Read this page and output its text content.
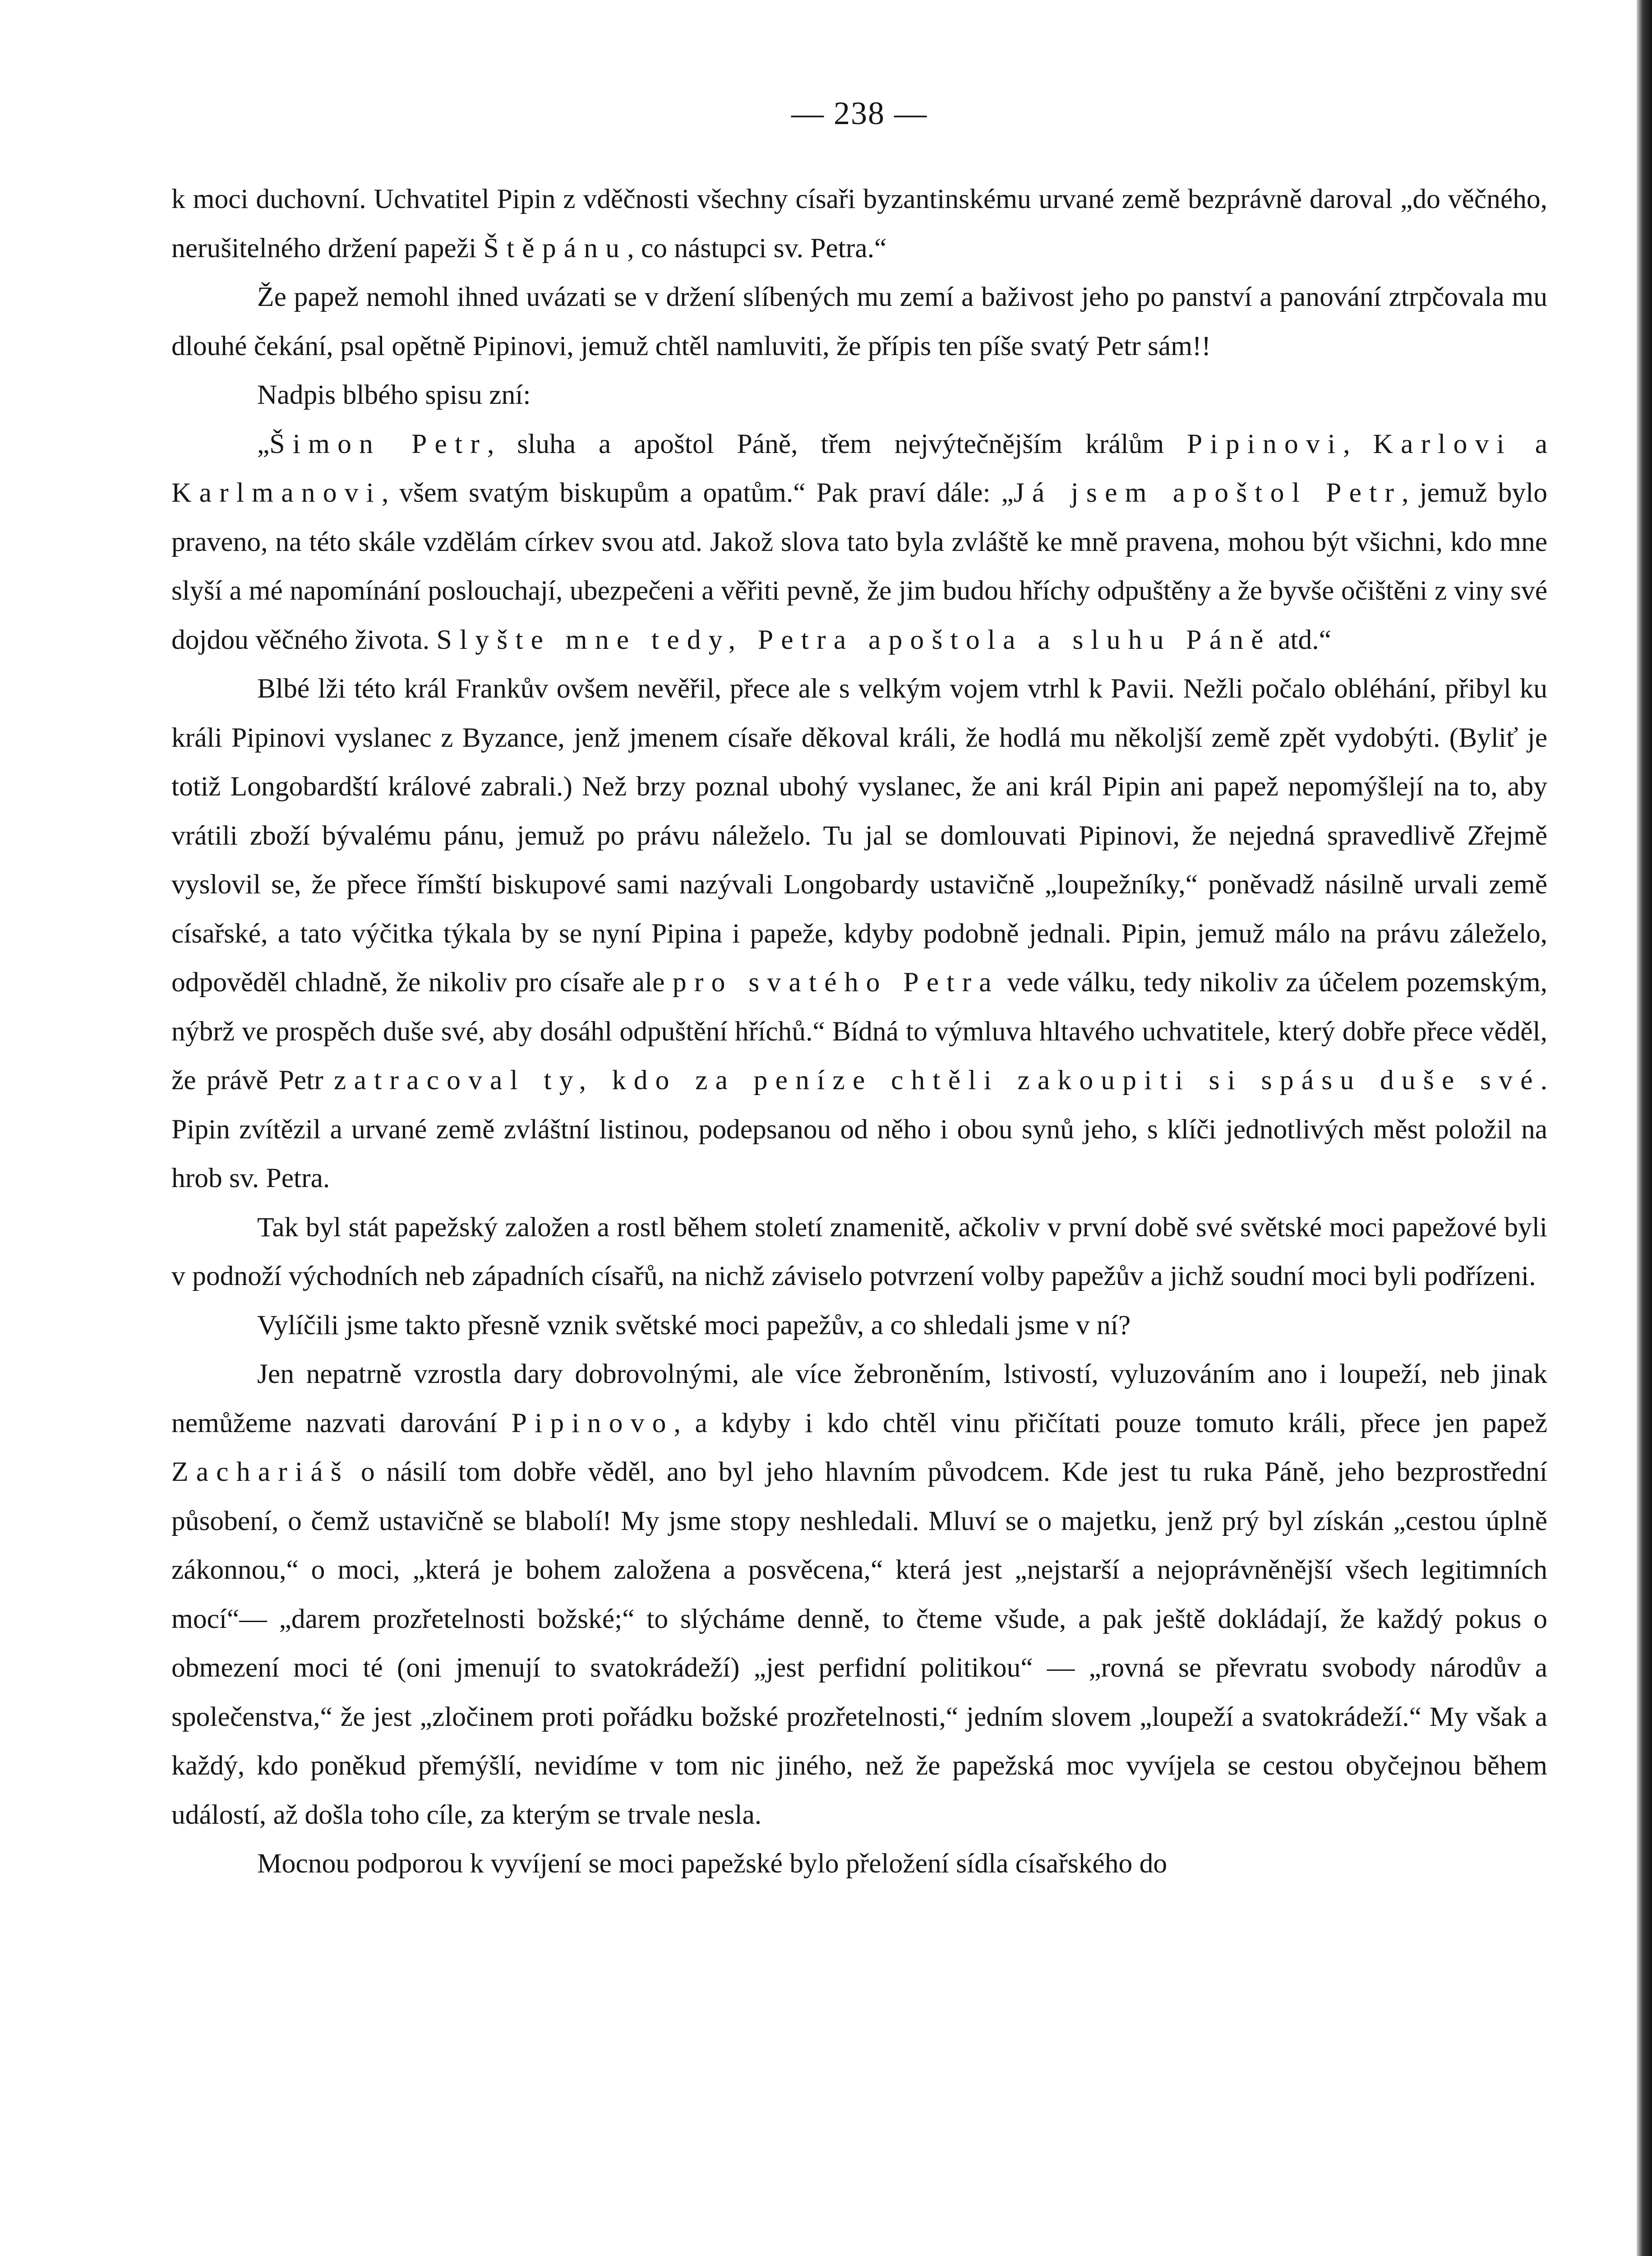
— 238 —

k moci duchovní. Uchvatitel Pipin z vděčnosti všechny císaři byzantinskému urvané země bezprávně daroval „do věčného, nerušitelného držení papeži Štěpánu, co nástupci sv. Petra.“

Že papež nemohl ihned uvázati se v držení slíbených mu zemí a baživost jeho po panství a panování ztrpčovala mu dlouhé čekání, psal opětně Pipinovi, jemuž chtěl namluviti, že přípis ten píše svatý Petr sám!!

Nadpis blbého spisu zní:

„Šimon Petr, sluha a apoštol Páně, třem nejvýtečnějším králům Pipinovi, Karlovi a Karlmanovi, všem svatým biskupům a opatům.“ Pak praví dále: „Já jsem apoštol Petr, jemuž bylo praveno, na této skále vzdělám církev svou atd. Jakož slova tato byla zvláště ke mně pravena, mohou být všichni, kdo mne slyší a mé napomínání poslouchají, ubezpečeni a věřiti pevně, že jim budou hříchy odpuštěny a že byvše očištěni z viny své dojdou věčného života. Slyšte mne tedy, Petra apoštola a sluhu Páně atd.“

Blbé lži této král Frankův ovšem nevěřil, přece ale s velkým vojem vtrhl k Pavii. Nežli počalo obléhání, přibyl ku králi Pipinovi vyslanec z Byzance, jenž jmenem císaře děkoval králi, že hodlá mu několjší země zpět vydobýti. (Byliť je totiž Longobardští králové zabrali.) Než brzy poznal ubohý vyslanec, že ani král Pipin ani papež nepomýšlejí na to, aby vrátili zboží bývalému pánu, jemuž po právu náleželo. Tu jal se domlouvati Pipinovi, že nejedná spravedlivě Zřejmě vyslovil se, že přece římští biskupové sami nazývali Longobardy ustavičně „loupežníky,“ poněvadž násilně urvali země císařské, a tato výčitka týkala by se nyní Pipina i papeže, kdyby podobně jednali. Pipin, jemuž málo na právu záleželo, odpověděl chladně, že nikoliv pro císaře ale pro svatého Petra vede válku, tedy nikoliv za účelem pozemským, nýbrž ve prospěch duše své, aby dosáhl odpuštění hříchů.“ Bídná to výmluva hltavého uchvatitele, který dobře přece věděl, že právě Petr zatracoval ty, kdo za peníze chtěli zakoupiti si spásu duše své. Pipin zvítězil a urvané země zvláštní listinou, podepsanou od něho i obou synů jeho, s klíči jednotlivých měst položil na hrob sv. Petra.

Tak byl stát papežský založen a rostl během století znamenitě, ačkoliv v první době své světské moci papežové byli v podnoží východních neb západních císařů, na nichž záviselo potvrzení volby papežův a jichž soudní moci byli podřízeni.

Vylíčili jsme takto přesně vznik světské moci papežův, a co shledali jsme v ní?

Jen nepatrně vzrostla dary dobrovolnými, ale více žebroněním, lstivostí, vyluzováním ano i loupeží, neb jinak nemůžeme nazvati darování Pipinovo, a kdyby i kdo chtěl vinu přičítati pouze tomuto králi, přece jen papež Zachariáš o násilí tom dobře věděl, ano byl jeho hlavním původcem. Kde jest tu ruka Páně, jeho bezprostřední působení, o čemž ustavičně se blabolí! My jsme stopy neshledali. Mluví se o majetku, jenž prý byl získán „cestou úplně zákonnou,“ o moci, „která je bohem založena a posvěcena,“ která jest „nejstarší a nejoprávněnější všech legitimních mocí“— „darem prozřetelnosti božské;“ to slýcháme denně, to čteme všude, a pak ještě dokládají, že každý pokus o obmezení moci té (oni jmenují to svatokrádeží) „jest perfidní politikou“ — „rovná se převratu svobody národův a společenstva,“ že jest „zločinem proti pořádku božské prozřetelnosti,“ jedním slovem „loupeží a svatokrádeží.“ My však a každý, kdo poněkud přemýšlí, nevidíme v tom nic jiného, než že papežská moc vyvíjela se cestou obyčejnou během událostí, až došla toho cíle, za kterým se trvale nesla.

Mocnou podporou k vyvíjení se moci papežské bylo přeložení sídla císařského do
